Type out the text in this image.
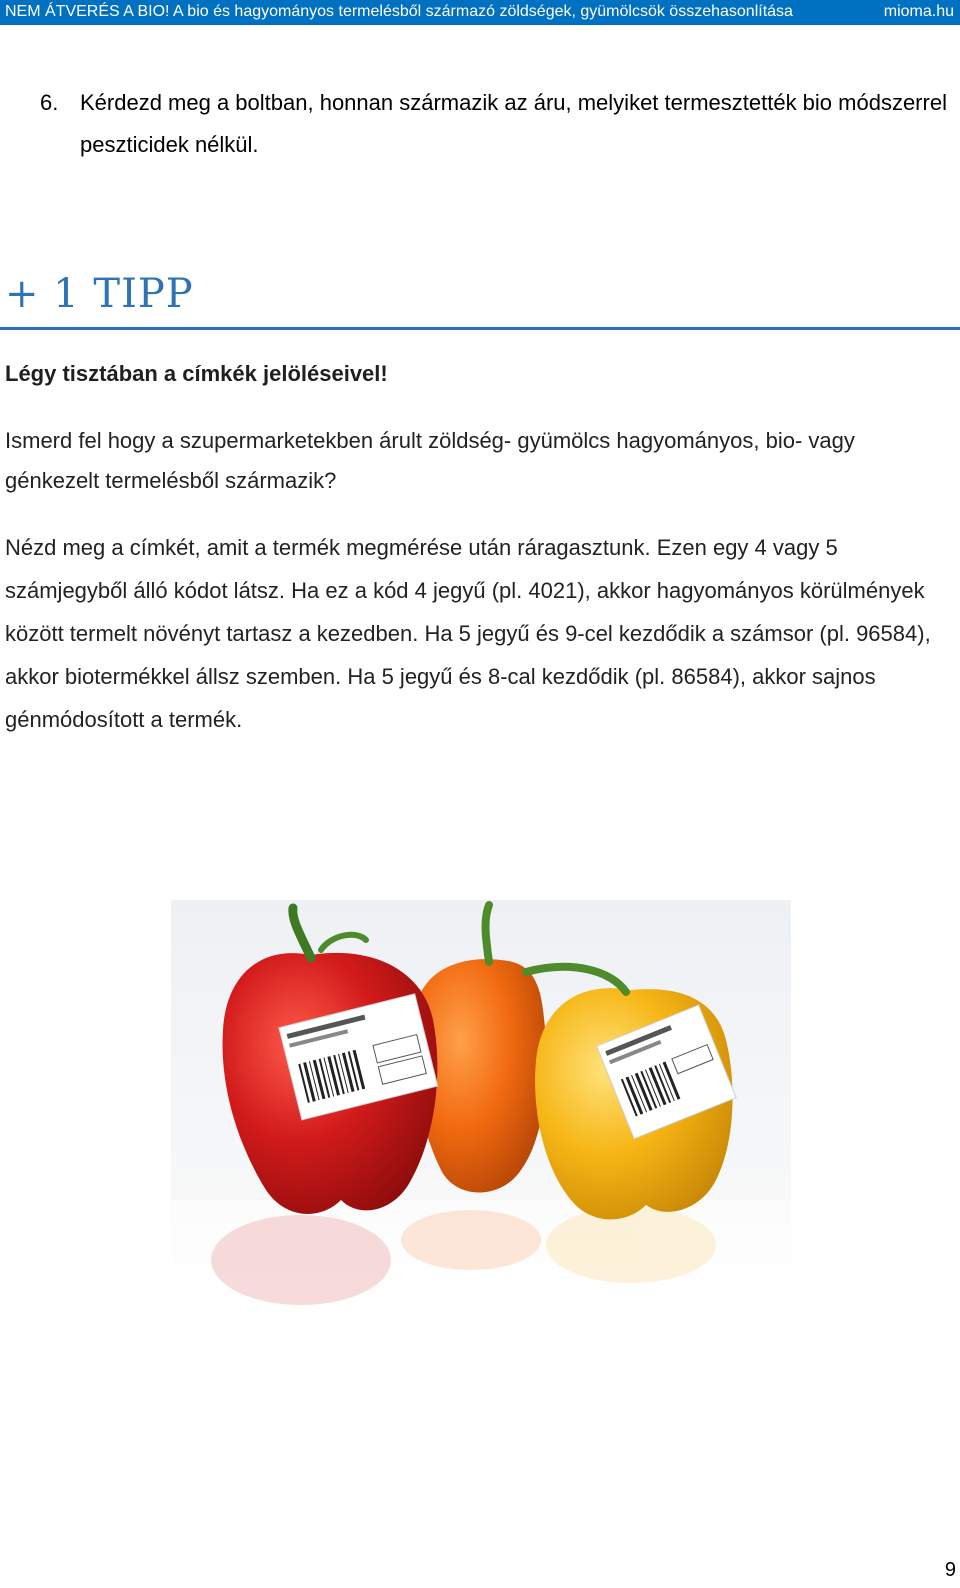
NEM ÁTVERÉS A BIO! A bio és hagyományos termelésből származó zöldségek, gyümölcsök összehasonlítása	mioma.hu
6. Kérdezd meg a boltban, honnan származik az áru, melyiket termesztették bio módszerrel peszticidek nélkül.
+ 1 TIPP
Légy tisztában a címkék jelöléseivel!
Ismerd fel hogy a szupermarketekben árult zöldség- gyümölcs hagyományos, bio- vagy génkezelt termelésből származik?
Nézd meg a címkét, amit a termék megmérése után ráragasztunk. Ezen egy 4 vagy 5 számjegyből álló kódot látsz. Ha ez a kód 4 jegyű (pl. 4021), akkor hagyományos körülmények között termelt növényt tartasz a kezedben. Ha 5 jegyű és 9-cel kezdődik a számsor (pl. 96584), akkor biotermékkel állsz szemben. Ha 5 jegyű és 8-cal kezdődik (pl. 86584), akkor sajnos génmódosított a termék.
9
